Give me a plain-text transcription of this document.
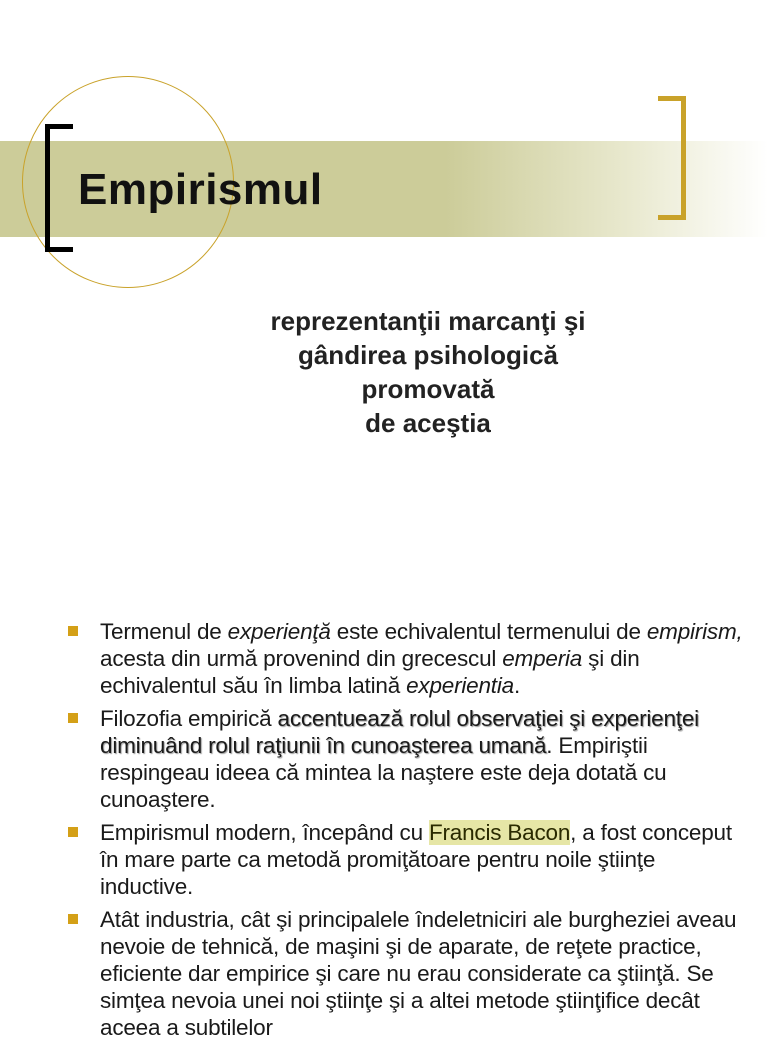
Empirismul
reprezentanţii marcanţi şi
gândirea psihologică
promovată
de aceştia
Termenul de experienţă este echivalentul termenului de empirism, acesta din urmă provenind din grecescul emperia şi din echivalentul său în limba latină experientia.
Filozofia empirică accentuează rolul observaţiei şi experienţei diminuând rolul raţiunii în cunoaşterea umană. Empiriştii respingeau ideea că mintea la naştere este deja dotată cu cunoaştere.
Empirismul modern, începând cu Francis Bacon, a fost conceput în mare parte ca metodă promiţătoare pentru noile ştiinţe inductive.
Atât industria, cât şi principalele îndeletniciri ale burgheziei aveau nevoie de tehnică, de maşini şi de aparate, de reţete practice, eficiente dar empirice şi care nu erau considerate ca ştiinţă. Se simţea nevoia unei noi ştiinţe şi a altei metode ştiinţifice decât aceea a subtilelor
